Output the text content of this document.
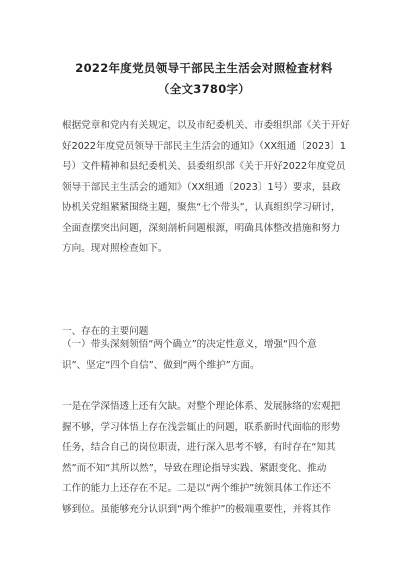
2022年度党员领导干部民主生活会对照检查材料
（全文3780字）
根据党章和党内有关规定，以及市纪委机关、市委组织部《关于开好
好2022年度党员领导干部民主生活会的通知》（XX组通〔2023〕1
号）文件精神和县纪委机关、县委组织部《关于开好2022年度党员
领导干部民主生活会的通知》（XX组通〔2023〕1号）要求，县政
协机关党组紧紧围绕主题，聚焦“七个带头”，认真组织学习研讨，
全面查摆突出问题，深刻剖析问题根源，明确具体整改措施和努力
方向。现对照检查如下。
一、存在的主要问题
（一）带头深刻领悟“两个确立”的决定性意义，增强“四个意
识”、坚定“四个自信”、做到“两个维护”方面。
一是在学深悟透上还有欠缺。对整个理论体系、发展脉络的宏观把
握不够，学习体悟上存在浅尝辄止的问题，联系新时代面临的形势
任务，结合自己的岗位职责，进行深入思考不够，有时存在“知其
然”而不知“其所以然”，导致在理论指导实践、紧跟变化、推动
工作的能力上还存在不足。二是以“两个维护”统领具体工作还不
够到位。虽能够充分认识到“两个维护”的极端重要性，并将其作
